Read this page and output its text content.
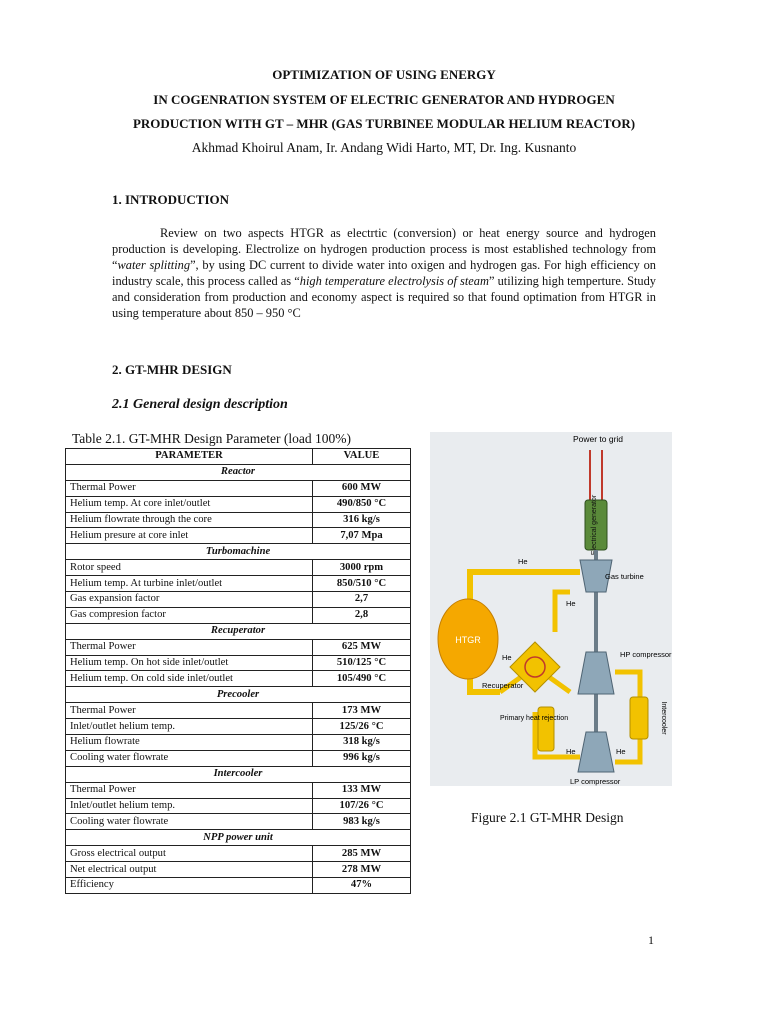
OPTIMIZATION OF USING ENERGY
IN COGENRATION SYSTEM OF ELECTRIC GENERATOR AND HYDROGEN
PRODUCTION WITH GT – MHR (GAS TURBINEE MODULAR HELIUM REACTOR)
Akhmad Khoirul Anam, Ir. Andang Widi Harto, MT, Dr. Ing. Kusnanto
1. INTRODUCTION
Review on two aspects HTGR as electrtic (conversion) or heat energy source and hydrogen production is developing. Electrolize on hydrogen production process is most established technology from “water splitting”, by using DC current to divide water into oxigen and hydrogen gas. For high efficiency on industry scale, this process called as “high temperature electrolysis of steam” utilizing high temperture. Study and consideration from production and economy aspect is required so that found optimation from HTGR in using temperature about 850 – 950 °C
2. GT-MHR DESIGN
2.1 General design description
Table 2.1. GT-MHR Design Parameter (load 100%)
PARAMETER	VALUE
Reactor	
Thermal Power	600 MW
Helium temp. At core inlet/outlet	490/850 °C
Helium flowrate through the core	316 kg/s
Helium presure at core inlet	7,07 Mpa
Turbomachine	
Rotor speed	3000 rpm
Helium temp. At turbine inlet/outlet	850/510 °C
Gas expansion factor	2,7
Gas compresion factor	2,8
Recuperator	
Thermal Power	625 MW
Helium temp. On hot side inlet/outlet	510/125 °C
Helium temp. On cold side inlet/outlet	105/490 °C
Precooler	
Thermal Power	173 MW
Inlet/outlet helium temp.	125/26 °C
Helium flowrate	318 kg/s
Cooling water flowrate	996 kg/s
Intercooler	
Thermal Power	133 MW
Inlet/outlet helium temp.	107/26 °C
Cooling water flowrate	983 kg/s
NPP power unit	
Gross electrical output	285 MW
Net electrical output	278 MW
Efficiency	47%
Power to grid
Electrical generator
HTGR
Gas turbine
Recuperator
HP compressor
LP compressor
Primary heat rejection	Intercooler
He
He
He
He	He
Figure 2.1 GT-MHR Design
1
